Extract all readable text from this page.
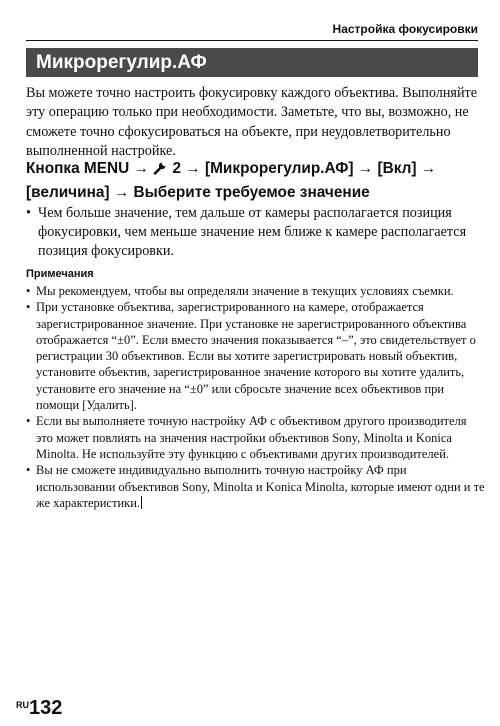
Настройка фокусировки
Микрорегулир.АФ

Вы можете точно настроить фокусировку каждого объектива. Выполняйте эту операцию только при необходимости. Заметьте, что вы, возможно, не сможете точно сфокусироваться на объекте, при неудовлетворительно выполненной настройке.

Кнопка MENU →  2 → [Микрорегулир.АФ] → [Вкл] → [величина] → Выберите требуемое значение

• Чем больше значение, тем дальше от камеры располагается позиция фокусировки, чем меньше значение нем ближе к камере располагается позиция фокусировки.
Примечания
• Мы рекомендуем, чтобы вы определяли значение в текущих условиях съемки.
• При установке объектива, зарегистрированного на камере, отображается зарегистрированное значение. При установке не зарегистрированного объектива отображается “±0”. Если вместо значения показывается “–”, это свидетельствует о регистрации 30 объективов. Если вы хотите зарегистрировать новый объектив, установите объектив, зарегистрированное значение которого вы хотите удалить, установите его значение на “±0” или сбросьте значение всех объективов при помощи [Удалить].
• Если вы выполняете точную настройку АФ с объективом другого производителя это может повлиять на значения настройки объективов Sony, Minolta и Konica Minolta. Не используйте эту функцию с объективами других производителей.
• Вы не сможете индивидуально выполнить точную настройку АФ при использовании объективов Sony, Minolta и Konica Minolta, которые имеют одни и те же характеристики.
$^{RU}$132
